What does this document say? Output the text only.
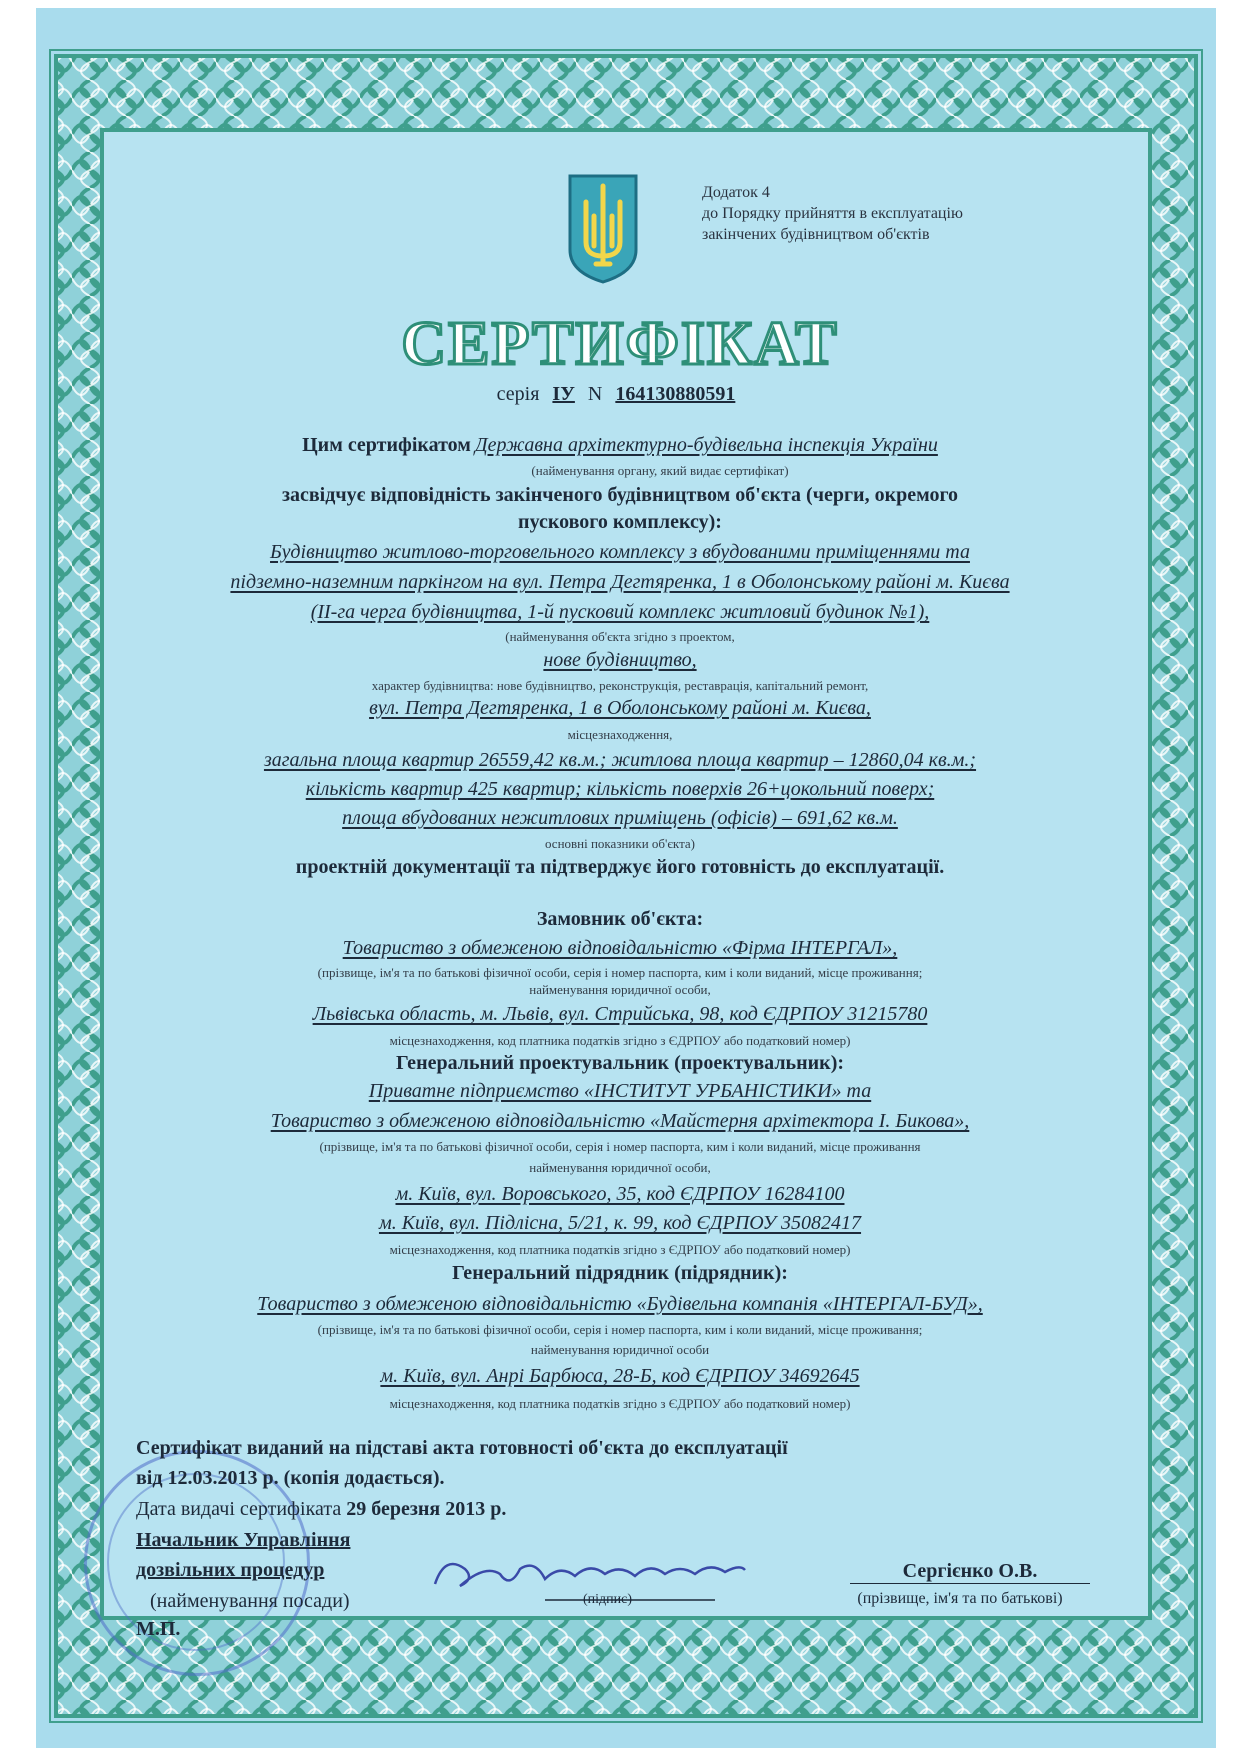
Додаток 4
до Порядку прийняття в експлуатацію
закінчених будівництвом об'єктів
СЕРТИФІКАТ
серія ІУ N 164130880591
Цим сертифікатом Державна архітектурно-будівельна інспекція України
(найменування органу, який видає сертифікат)
засвідчує відповідність закінченого будівництвом об'єкта (черги, окремого
пускового комплексу):
Будівництво житлово-торговельного комплексу з вбудованими приміщеннями та
підземно-наземним паркінгом на вул. Петра Дегтяренка, 1 в Оболонському районі м. Києва
(ІІ-га черга будівництва, 1-й пусковий комплекс житловий будинок №1),
(найменування об'єкта згідно з проектом,
нове будівництво,
характер будівництва: нове будівництво, реконструкція, реставрація, капітальний ремонт,
вул. Петра Дегтяренка, 1 в Оболонському районі м. Києва,
місцезнаходження,
загальна площа квартир 26559,42 кв.м.; житлова площа квартир – 12860,04 кв.м.;
кількість квартир 425 квартир; кількість поверхів 26+цокольний поверх;
площа вбудованих нежитлових приміщень (офісів) – 691,62 кв.м.
основні показники об'єкта)
проектній документації та підтверджує його готовність до експлуатації.
Замовник об'єкта:
Товариство з обмеженою відповідальністю «Фірма ІНТЕРГАЛ»,
(прізвище, ім'я та по батькові фізичної особи, серія і номер паспорта, ким і коли виданий, місце проживання;
найменування юридичної особи,
Львівська область, м. Львів, вул. Стрийська, 98, код ЄДРПОУ 31215780
місцезнаходження, код платника податків згідно з ЄДРПОУ або податковий номер)
Генеральний проектувальник (проектувальник):
Приватне підприємство «ІНСТИТУТ УРБАНІСТИКИ» та
Товариство з обмеженою відповідальністю «Майстерня архітектора І. Бикова»,
(прізвище, ім'я та по батькові фізичної особи, серія і номер паспорта, ким і коли виданий, місце проживання
найменування юридичної особи,
м. Київ, вул. Воровського, 35, код ЄДРПОУ 16284100
м. Київ, вул. Підлісна, 5/21, к. 99, код ЄДРПОУ 35082417
місцезнаходження, код платника податків згідно з ЄДРПОУ або податковий номер)
Генеральний підрядник (підрядник):
Товариство з обмеженою відповідальністю «Будівельна компанія «ІНТЕРГАЛ-БУД»,
(прізвище, ім'я та по батькові фізичної особи, серія і номер паспорта, ким і коли виданий, місце проживання;
найменування юридичної особи
м. Київ, вул. Анрі Барбюса, 28-Б, код ЄДРПОУ 34692645
місцезнаходження, код платника податків згідно з ЄДРПОУ або податковий номер)
Сертифікат виданий на підставі акта готовності об'єкта до експлуатації
від 12.03.2013 р. (копія додається).
Дата видачі сертифіката 29 березня 2013 р.
Начальник Управління
дозвільних процедур
(найменування посади)	(підпис)
Сергієнко О.В.
(прізвище, ім'я та по батькові)
М.П.
